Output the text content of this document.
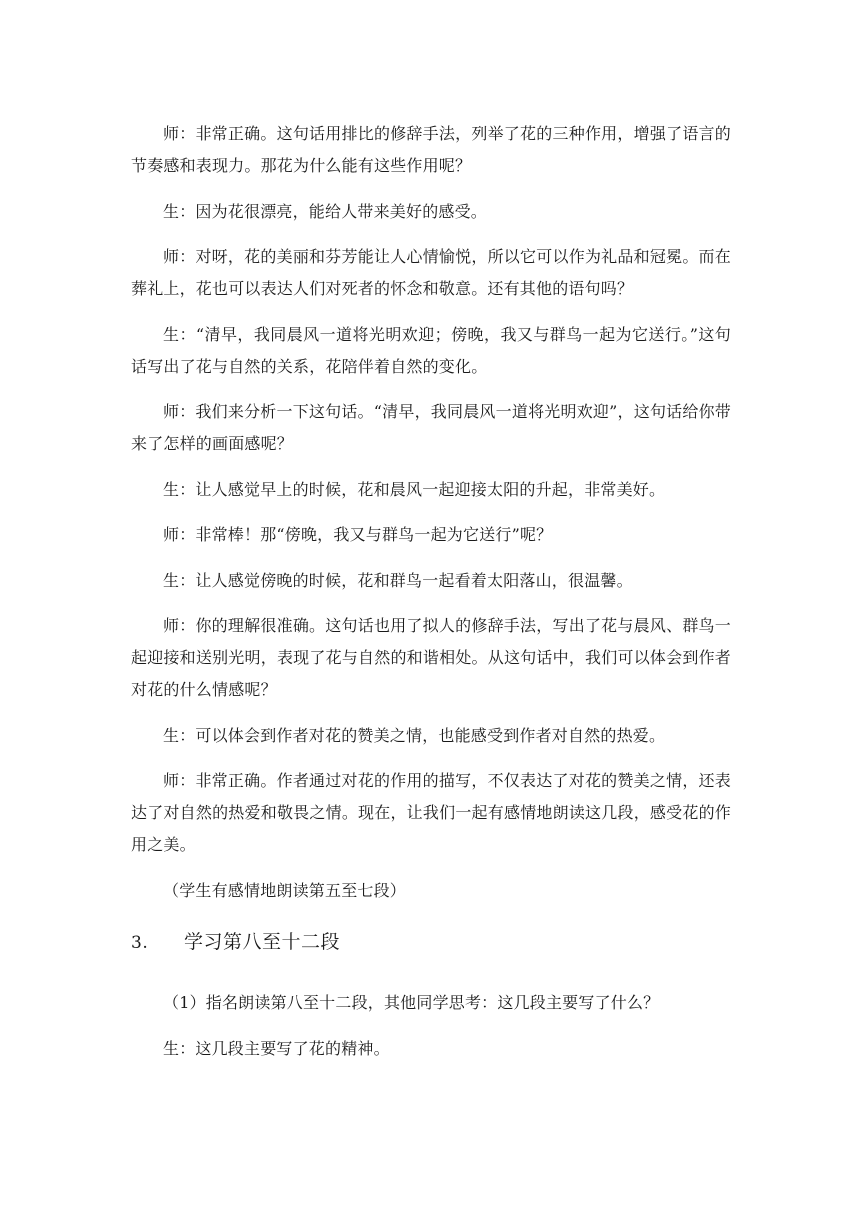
师：非常正确。这句话用排比的修辞手法，列举了花的三种作用，增强了语言的节奏感和表现力。那花为什么能有这些作用呢？

生：因为花很漂亮，能给人带来美好的感受。

师：对呀，花的美丽和芬芳能让人心情愉悦，所以它可以作为礼品和冠冕。而在葬礼上，花也可以表达人们对死者的怀念和敬意。还有其他的语句吗？

生：“清早，我同晨风一道将光明欢迎；傍晚，我又与群鸟一起为它送行。”这句话写出了花与自然的关系，花陪伴着自然的变化。

师：我们来分析一下这句话。“清早，我同晨风一道将光明欢迎”，这句话给你带来了怎样的画面感呢？

生：让人感觉早上的时候，花和晨风一起迎接太阳的升起，非常美好。

师：非常棒！那“傍晚，我又与群鸟一起为它送行”呢？

生：让人感觉傍晚的时候，花和群鸟一起看着太阳落山，很温馨。

师：你的理解很准确。这句话也用了拟人的修辞手法，写出了花与晨风、群鸟一起迎接和送别光明，表现了花与自然的和谐相处。从这句话中，我们可以体会到作者对花的什么情感呢？

生：可以体会到作者对花的赞美之情，也能感受到作者对自然的热爱。

师：非常正确。作者通过对花的作用的描写，不仅表达了对花的赞美之情，还表达了对自然的热爱和敬畏之情。现在，让我们一起有感情地朗读这几段，感受花的作用之美。

（学生有感情地朗读第五至七段）

3.	学习第八至十二段

（1）指名朗读第八至十二段，其他同学思考：这几段主要写了什么？

生：这几段主要写了花的精神。
